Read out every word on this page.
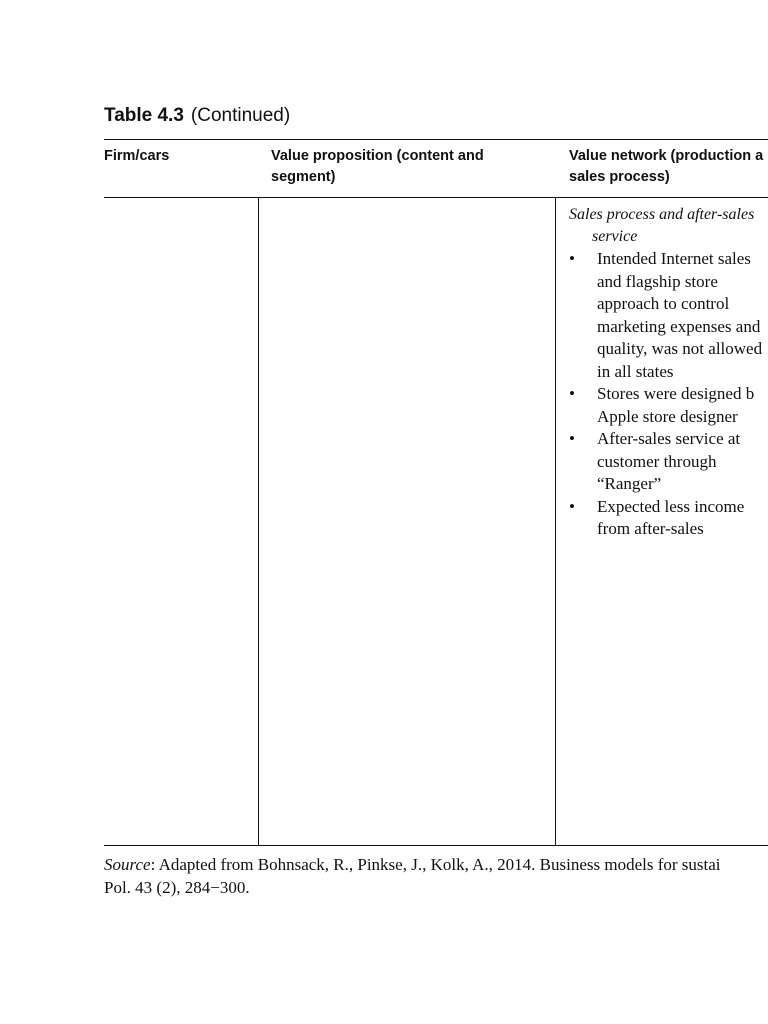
Table 4.3 (Continued)
Firm/cars	Value proposition (content and segment)
Value network (production a
sales process)
Sales process and after-sales
service
• Intended Internet sales
and flagship store
approach to control
marketing expenses and
quality, was not allowed
in all states
• Stores were designed b
Apple store designer
• After-sales service at
customer through
“Ranger”
• Expected less income
from after-sales
Source: Adapted from Bohnsack, R., Pinkse, J., Kolk, A., 2014. Business models for sustai
Pol. 43 (2), 284−300.
